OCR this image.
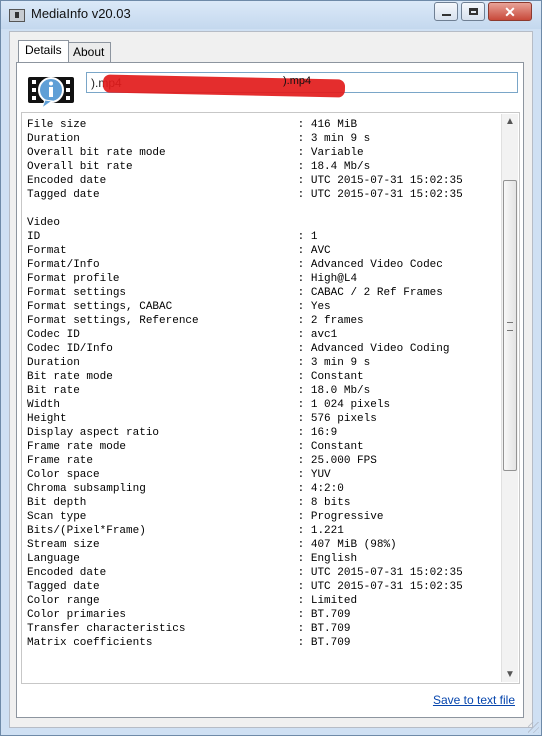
MediaInfo v20.03	✕
Details About
).mp4
).mp4
File size                                : 416 MiB
Duration                                 : 3 min 9 s
Overall bit rate mode                    : Variable
Overall bit rate                         : 18.4 Mb/s
Encoded date                             : UTC 2015-07-31 15:02:35
Tagged date                              : UTC 2015-07-31 15:02:35

Video
ID                                       : 1
Format                                   : AVC
Format/Info                              : Advanced Video Codec
Format profile                           : High@L4
Format settings                          : CABAC / 2 Ref Frames
Format settings, CABAC                   : Yes
Format settings, Reference               : 2 frames
Codec ID                                 : avc1
Codec ID/Info                            : Advanced Video Coding
Duration                                 : 3 min 9 s
Bit rate mode                            : Constant
Bit rate                                 : 18.0 Mb/s
Width                                    : 1 024 pixels
Height                                   : 576 pixels
Display aspect ratio                     : 16:9
Frame rate mode                          : Constant
Frame rate                               : 25.000 FPS
Color space                              : YUV
Chroma subsampling                       : 4:2:0
Bit depth                                : 8 bits
Scan type                                : Progressive
Bits/(Pixel*Frame)                       : 1.221
Stream size                              : 407 MiB (98%)
Language                                 : English
Encoded date                             : UTC 2015-07-31 15:02:35
Tagged date                              : UTC 2015-07-31 15:02:35
Color range                              : Limited
Color primaries                          : BT.709
Transfer characteristics                 : BT.709
Matrix coefficients                      : BT.709
▲
▼
Save to text file
